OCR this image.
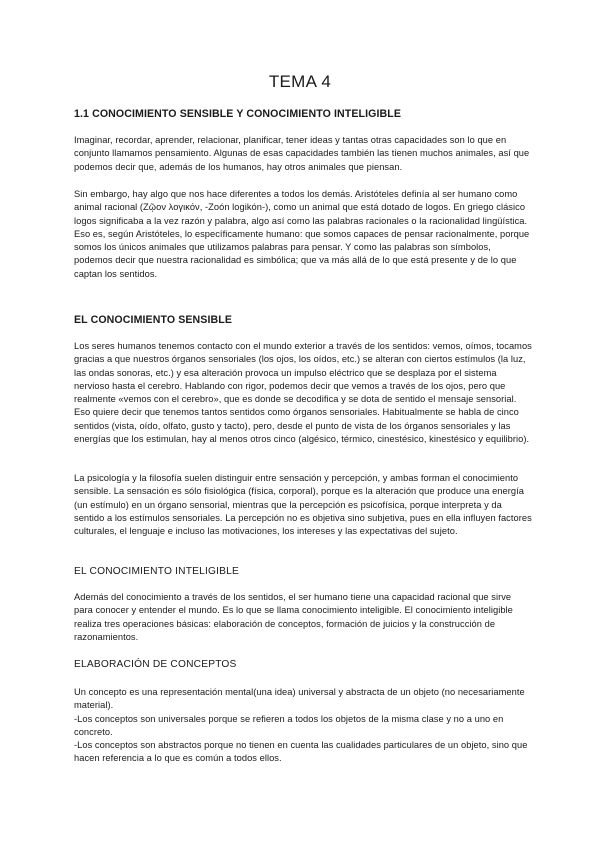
TEMA 4
1.1 CONOCIMIENTO SENSIBLE Y CONOCIMIENTO INTELIGIBLE

Imaginar, recordar, aprender, relacionar, planificar, tener ideas y tantas otras capacidades son lo que en conjunto llamamos pensamiento. Algunas de esas capacidades también las tienen muchos animales, así que podemos decir que, además de los humanos, hay otros animales que piensan.

Sin embargo, hay algo que nos hace diferentes a todos los demás. Aristóteles definía al ser humano como animal racional (Ζῷον λογικόν, -Zoón logikón-), como un animal que está dotado de logos. En griego clásico logos significaba a la vez razón y palabra, algo así como las palabras racionales o la racionalidad lingüística. Eso es, según Aristóteles, lo específicamente humano: que somos capaces de pensar racionalmente, porque somos los únicos animales que utilizamos palabras para pensar. Y como las palabras son símbolos, podemos decir que nuestra racionalidad es simbólica; que va más allá de lo que está presente y de lo que captan los sentidos.

EL CONOCIMIENTO SENSIBLE

Los seres humanos tenemos contacto con el mundo exterior a través de los sentidos: vemos, oímos, tocamos gracias a que nuestros órganos sensoriales (los ojos, los oídos, etc.) se alteran con ciertos estímulos (la luz, las ondas sonoras, etc.) y esa alteración provoca un impulso eléctrico que se desplaza por el sistema nervioso hasta el cerebro. Hablando con rigor, podemos decir que vemos a través de los ojos, pero que realmente «vemos con el cerebro», que es donde se decodifica y se dota de sentido el mensaje sensorial. Eso quiere decir que tenemos tantos sentidos como órganos sensoriales. Habitualmente se habla de cinco sentidos (vista, oído, olfato, gusto y tacto), pero, desde el punto de vista de los órganos sensoriales y las energías que los estimulan, hay al menos otros cinco (algésico, térmico, cinestésico, kinestésico y equilibrio).

La psicología y la filosofía suelen distinguir entre sensación y percepción, y ambas forman el conocimiento sensible. La sensación es sólo fisiológica (física, corporal), porque es la alteración que produce una energía (un estímulo) en un órgano sensorial, mientras que la percepción es psicofísica, porque interpreta y da sentido a los estímulos sensoriales. La percepción no es objetiva sino subjetiva, pues en ella influyen factores culturales, el lenguaje e incluso las motivaciones, los intereses y las expectativas del sujeto.

EL CONOCIMIENTO INTELIGIBLE

Además del conocimiento a través de los sentidos, el ser humano tiene una capacidad racional que sirve para conocer y entender el mundo. Es lo que se llama conocimiento inteligible. El conocimiento inteligible realiza tres operaciones básicas: elaboración de conceptos, formación de juicios y la construcción de razonamientos.

ELABORACIÓN DE CONCEPTOS

Un concepto es una representación mental(una idea) universal y abstracta de un objeto (no necesariamente material).

-Los conceptos son universales porque se refieren a todos los objetos de la misma clase y no a uno en concreto.

-Los conceptos son abstractos porque no tienen en cuenta las cualidades particulares de un objeto, sino que hacen referencia a lo que es común a todos ellos.
